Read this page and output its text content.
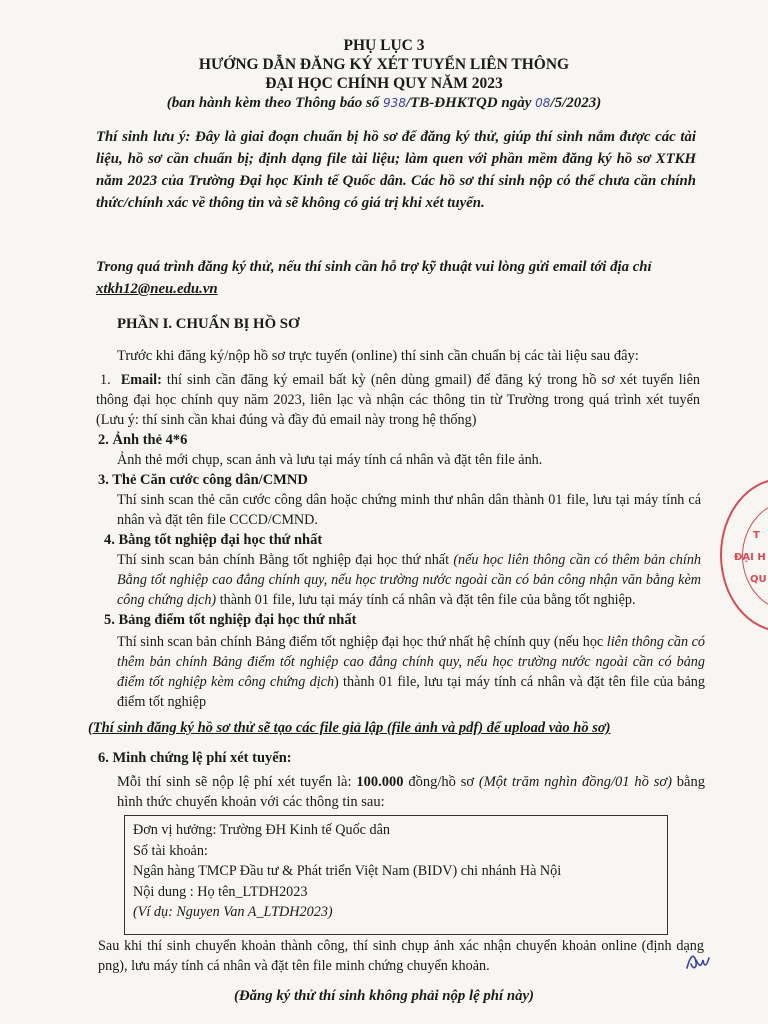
PHỤ LỤC 3
HƯỚNG DẪN ĐĂNG KÝ XÉT TUYỂN LIÊN THÔNG
ĐẠI HỌC CHÍNH QUY NĂM 2023
(ban hành kèm theo Thông báo số 938/TB-ĐHKTQD ngày 08/5/2023)
Thí sinh lưu ý: Đây là giai đoạn chuẩn bị hồ sơ để đăng ký thử, giúp thí sinh nắm được các tài liệu, hồ sơ cần chuẩn bị; định dạng file tài liệu; làm quen với phần mềm đăng ký hồ sơ XTKH năm 2023 của Trường Đại học Kinh tế Quốc dân. Các hồ sơ thí sinh nộp có thể chưa cần chính thức/chính xác về thông tin và sẽ không có giá trị khi xét tuyển.
Trong quá trình đăng ký thử, nếu thí sinh cần hỗ trợ kỹ thuật vui lòng gửi email tới địa chỉ xtkh12@neu.edu.vn
PHẦN I. CHUẨN BỊ HỒ SƠ
Trước khi đăng ký/nộp hồ sơ trực tuyến (online) thí sinh cần chuẩn bị các tài liệu sau đây:
1. Email: thí sinh cần đăng ký email bất kỳ (nên dùng gmail) để đăng ký trong hồ sơ xét tuyển liên thông đại học chính quy năm 2023, liên lạc và nhận các thông tin từ Trường trong quá trình xét tuyển (Lưu ý: thí sinh cần khai đúng và đầy đủ email này trong hệ thống)
2. Ảnh thẻ 4*6
Ảnh thẻ mới chụp, scan ảnh và lưu tại máy tính cá nhân và đặt tên file ảnh.
3. Thẻ Căn cước công dân/CMND
Thí sinh scan thẻ căn cước công dân hoặc chứng minh thư nhân dân thành 01 file, lưu tại máy tính cá nhân và đặt tên file CCCD/CMND.
4. Bằng tốt nghiệp đại học thứ nhất
Thí sinh scan bản chính Bằng tốt nghiệp đại học thứ nhất (nếu học liên thông cần có thêm bản chính Bằng tốt nghiệp cao đẳng chính quy, nếu học trường nước ngoài cần có bản công nhận văn bằng kèm công chứng dịch) thành 01 file, lưu tại máy tính cá nhân và đặt tên file của bằng tốt nghiệp.
5. Bảng điểm tốt nghiệp đại học thứ nhất
Thí sinh scan bản chính Bảng điểm tốt nghiệp đại học thứ nhất hệ chính quy (nếu học liên thông cần có thêm bản chính Bảng điểm tốt nghiệp cao đẳng chính quy, nếu học trường nước ngoài cần có bảng điểm tốt nghiệp kèm công chứng dịch) thành 01 file, lưu tại máy tính cá nhân và đặt tên file của bảng điểm tốt nghiệp
(Thí sinh đăng ký hồ sơ thử sẽ tạo các file giả lập (file ảnh và pdf) để upload vào hồ sơ)
6. Minh chứng lệ phí xét tuyển:
Mỗi thí sinh sẽ nộp lệ phí xét tuyển là: 100.000 đồng/hồ sơ (Một trăm nghìn đồng/01 hồ sơ) bằng hình thức chuyển khoản với các thông tin sau:
Đơn vị hưởng: Trường ĐH Kinh tế Quốc dân
Số tài khoản:
Ngân hàng TMCP Đầu tư & Phát triển Việt Nam (BIDV) chi nhánh Hà Nội
Nội dung : Họ tên_LTDH2023
(Ví dụ: Nguyen Van A_LTDH2023)
Sau khi thí sinh chuyển khoản thành công, thí sinh chụp ảnh xác nhận chuyển khoản online (định dạng png), lưu máy tính cá nhân và đặt tên file minh chứng chuyển khoản.
(Đăng ký thử thí sinh không phải nộp lệ phí này)
T
ĐẠI H
QU
